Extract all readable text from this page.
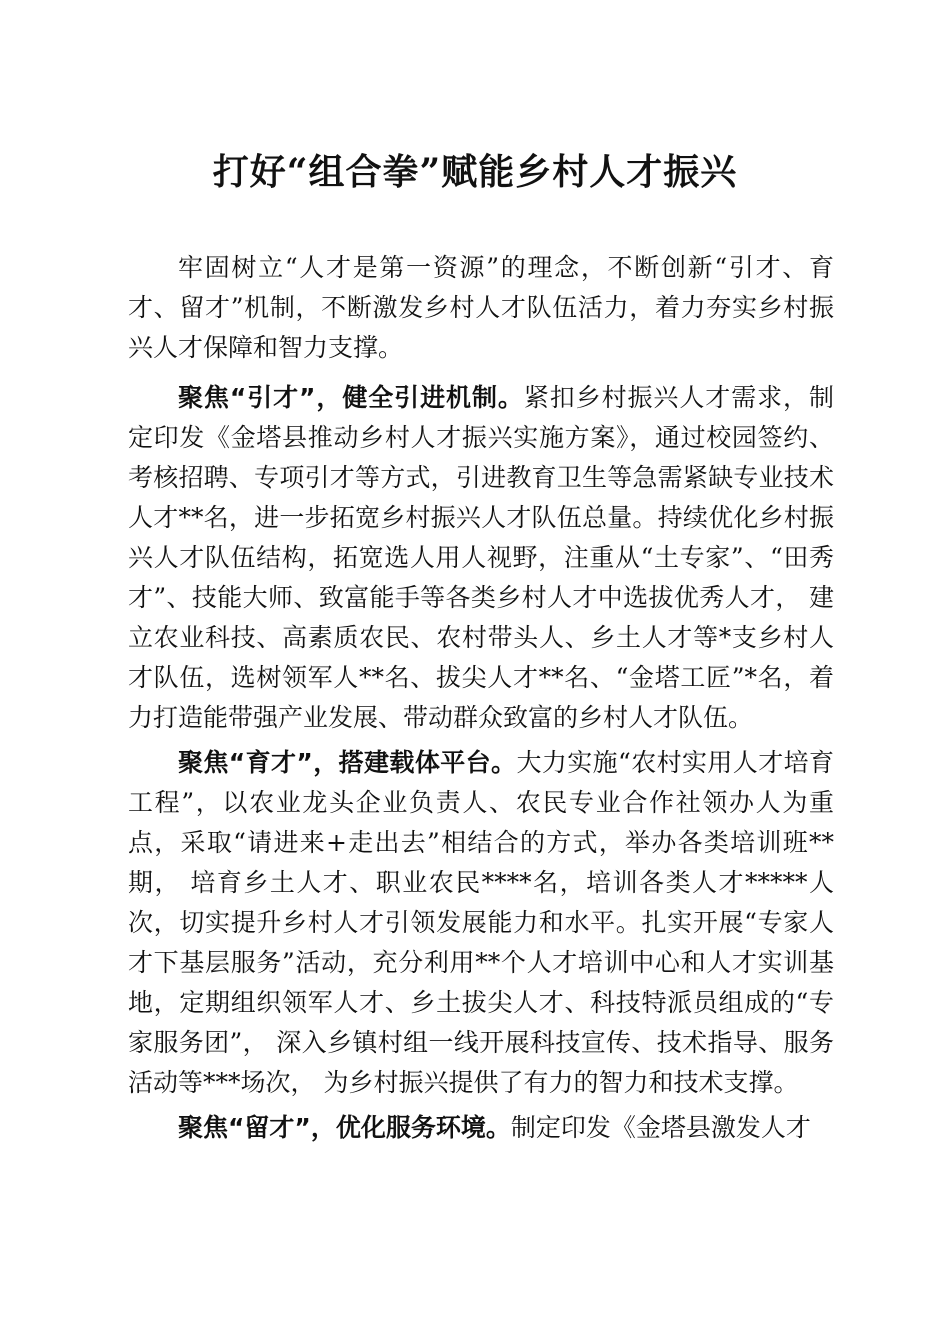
打好“组合拳”赋能乡村人才振兴

牢固树立“人才是第一资源”的理念，不断创新“引才、育才、留才”机制，不断激发乡村人才队伍活力，着力夯实乡村振兴人才保障和智力支撑。

聚焦“引才”，健全引进机制。紧扣乡村振兴人才需求，制定印发《金塔县推动乡村人才振兴实施方案》，通过校园签约、考核招聘、专项引才等方式，引进教育卫生等急需紧缺专业技术人才**名，进一步拓宽乡村振兴人才队伍总量。持续优化乡村振兴人才队伍结构，拓宽选人用人视野，注重从“土专家”、“田秀才”、技能大师、致富能手等各类乡村人才中选拔优秀人才， 建立农业科技、高素质农民、农村带头人、乡土人才等*支乡村人 才队伍，选树领军人**名、拔尖人才**名、“金塔工匠”*名，着 力打造能带强产业发展、带动群众致富的乡村人才队伍。

聚焦“育才”，搭建载体平台。大力实施“农村实用人才培育工程”，以农业龙头企业负责人、农民专业合作社领办人为重点，采取“请进来+走出去”相结合的方式，举办各类培训班**期， 培育乡土人才、职业农民****名，培训各类人才*****人次，切实提升乡村人才引领发展能力和水平。扎实开展“专家人才下基层服务”活动，充分利用**个人才培训中心和人才实训基地，定期组织领军人才、乡土拔尖人才、科技特派员组成的“专家服务团”， 深入乡镇村组一线开展科技宣传、技术指导、服务活动等***场次， 为乡村振兴提供了有力的智力和技术支撑。

聚焦“留才”，优化服务环境。制定印发《金塔县激发人才
